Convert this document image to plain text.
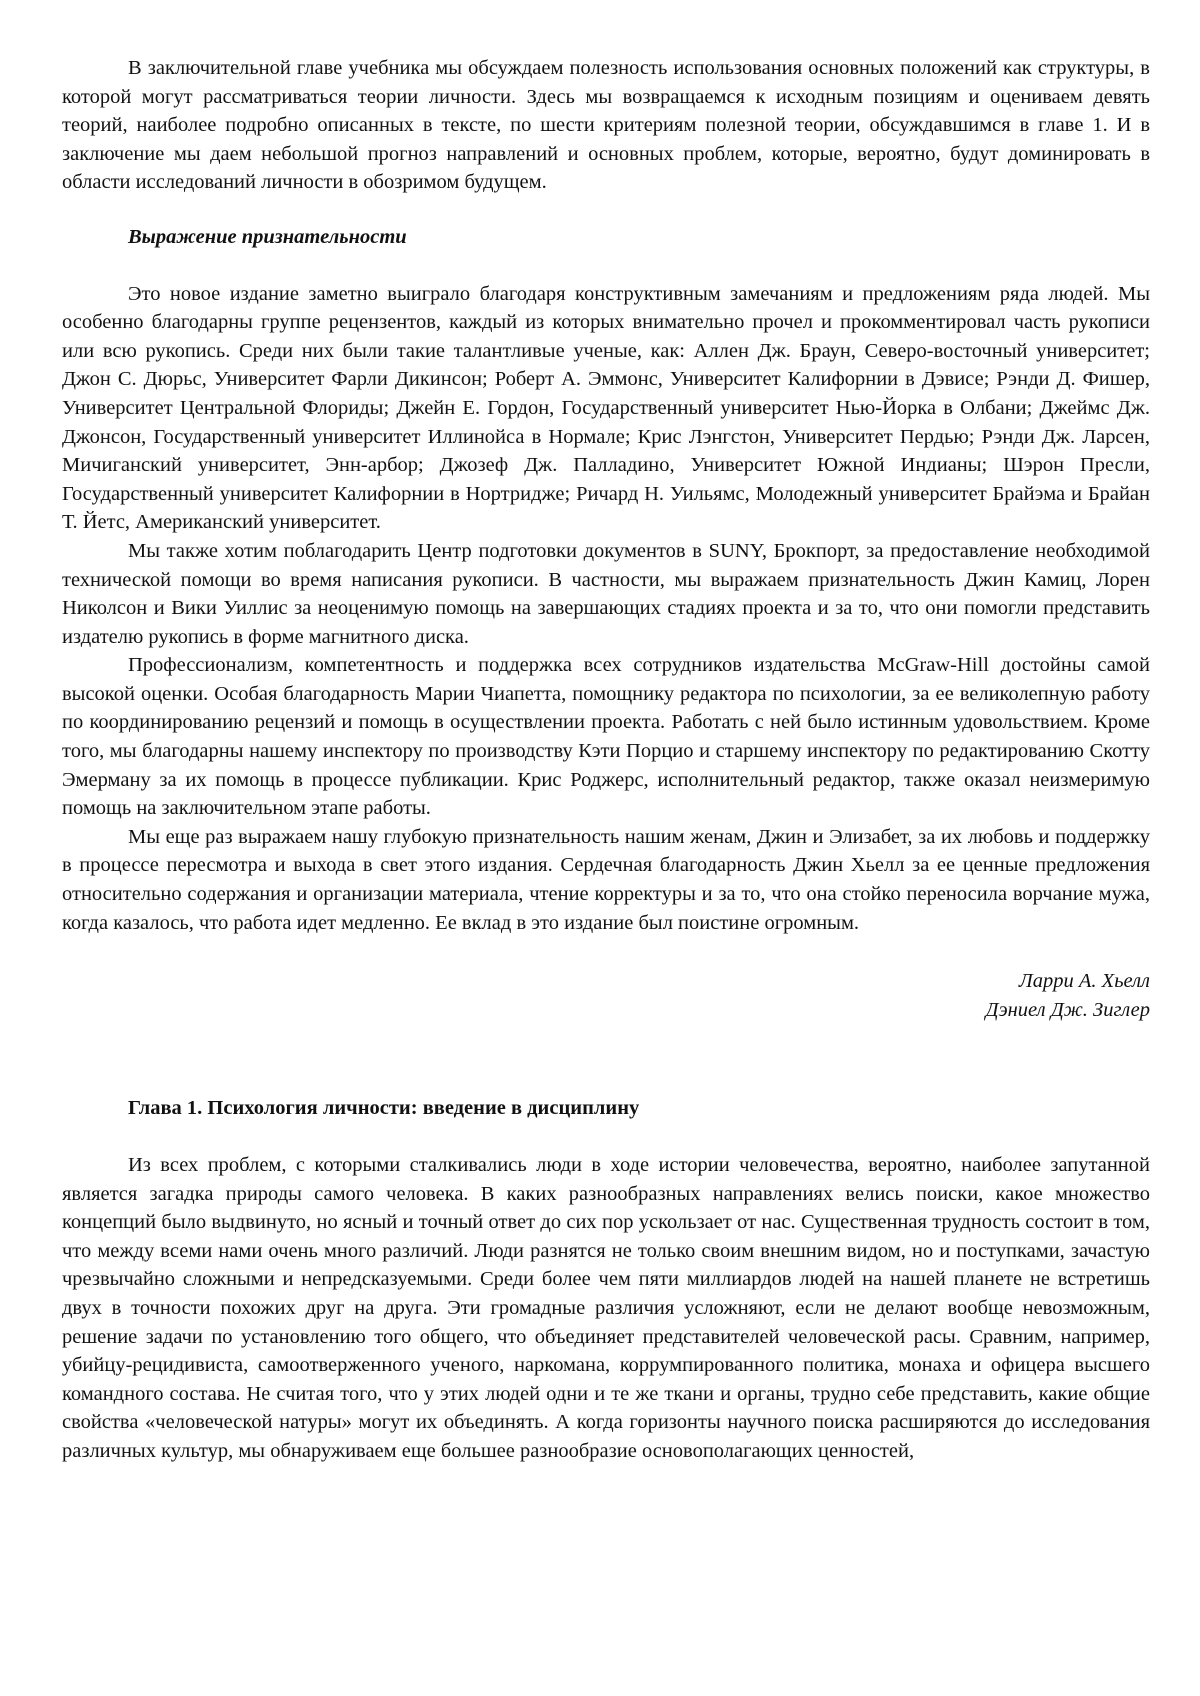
В заключительной главе учебника мы обсуждаем полезность использования основных положений как структуры, в которой могут рассматриваться теории личности. Здесь мы возвращаемся к исходным позициям и оцениваем девять теорий, наиболее подробно описанных в тексте, по шести критериям полезной теории, обсуждавшимся в главе 1. И в заключение мы даем небольшой прогноз направлений и основных проблем, которые, вероятно, будут доминировать в области исследований личности в обозримом будущем.

Выражение признательности

Это новое издание заметно выиграло благодаря конструктивным замечаниям и предложениям ряда людей. Мы особенно благодарны группе рецензентов, каждый из которых внимательно прочел и прокомментировал часть рукописи или всю рукопись. Среди них были такие талантливые ученые, как: Аллен Дж. Браун, Северо-восточный университет; Джон С. Дюрьс, Университет Фарли Дикинсон; Роберт А. Эммонс, Университет Калифорнии в Дэвисе; Рэнди Д. Фишер, Университет Центральной Флориды; Джейн Е. Гордон, Государственный университет Нью-Йорка в Олбани; Джеймс Дж. Джонсон, Государственный университет Иллинойса в Нормале; Крис Лэнгстон, Университет Пердью; Рэнди Дж. Ларсен, Мичиганский университет, Энн-арбор; Джозеф Дж. Палладино, Университет Южной Индианы; Шэрон Пресли, Государственный университет Калифорнии в Нортридже; Ричард Н. Уильямс, Молодежный университет Брайэма и Брайан Т. Йетс, Американский университет.

Мы также хотим поблагодарить Центр подготовки документов в SUNY, Брокпорт, за предоставление необходимой технической помощи во время написания рукописи. В частности, мы выражаем признательность Джин Камиц, Лорен Николсон и Вики Уиллис за неоценимую помощь на завершающих стадиях проекта и за то, что они помогли представить издателю рукопись в форме магнитного диска.

Профессионализм, компетентность и поддержка всех сотрудников издательства McGraw-Hill достойны самой высокой оценки. Особая благодарность Марии Чиапетта, помощнику редактора по психологии, за ее великолепную работу по координированию рецензий и помощь в осуществлении проекта. Работать с ней было истинным удовольствием. Кроме того, мы благодарны нашему инспектору по производству Кэти Порцио и старшему инспектору по редактированию Скотту Эмерману за их помощь в процессе публикации. Крис Роджерс, исполнительный редактор, также оказал неизмеримую помощь на заключительном этапе работы.

Мы еще раз выражаем нашу глубокую признательность нашим женам, Джин и Элизабет, за их любовь и поддержку в процессе пересмотра и выхода в свет этого издания. Сердечная благодарность Джин Хьелл за ее ценные предложения относительно содержания и организации материала, чтение корректуры и за то, что она стойко переносила ворчание мужа, когда казалось, что работа идет медленно. Ее вклад в это издание был поистине огромным.

Ларри А. Хьелл
Дэниел Дж. Зиглер
Глава 1. Психология личности: введение в дисциплину

Из всех проблем, с которыми сталкивались люди в ходе истории человечества, вероятно, наиболее запутанной является загадка природы самого человека. В каких разнообразных направлениях велись поиски, какое множество концепций было выдвинуто, но ясный и точный ответ до сих пор ускользает от нас. Существенная трудность состоит в том, что между всеми нами очень много различий. Люди разнятся не только своим внешним видом, но и поступками, зачастую чрезвычайно сложными и непредсказуемыми. Среди более чем пяти миллиардов людей на нашей планете не встретишь двух в точности похожих друг на друга. Эти громадные различия усложняют, если не делают вообще невозможным, решение задачи по установлению того общего, что объединяет представителей человеческой расы. Сравним, например, убийцу-рецидивиста, самоотверженного ученого, наркомана, коррумпированного политика, монаха и офицера высшего командного состава. Не считая того, что у этих людей одни и те же ткани и органы, трудно себе представить, какие общие свойства «человеческой натуры» могут их объединять. А когда горизонты научного поиска расширяются до исследования различных культур, мы обнаруживаем еще большее разнообразие основополагающих ценностей,
